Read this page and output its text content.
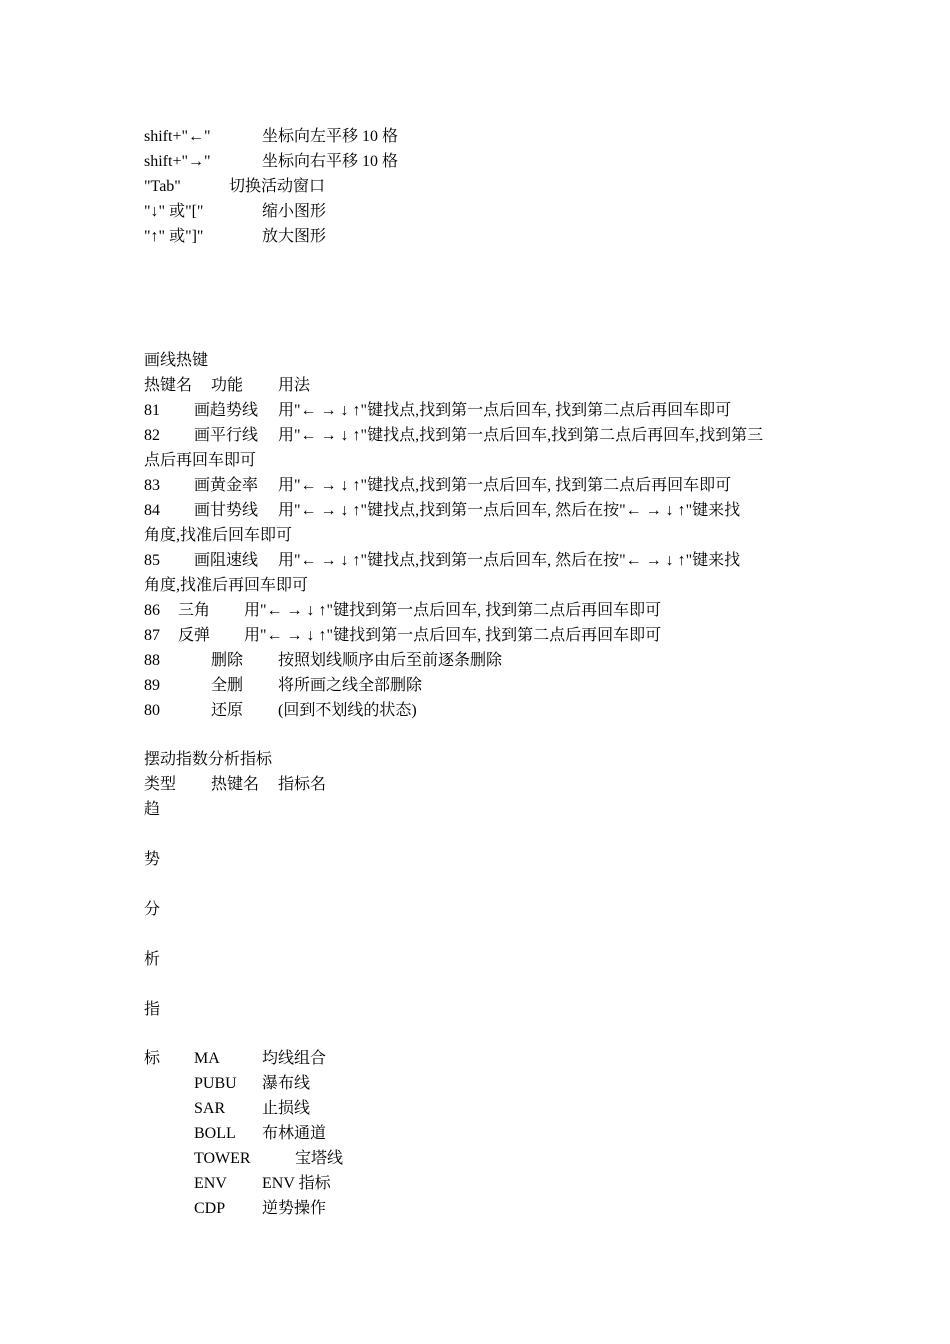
shift+"←"	坐标向左平移 10 格
shift+"→"	坐标向右平移 10 格
"Tab"	切换活动窗口
"↓" 或"["	缩小图形
"↑" 或"]"	放大图形
画线热键
热键名 功能 用法
81 画趋势线 用"← → ↓ ↑"键找点,找到第一点后回车, 找到第二点后再回车即可
82 画平行线 用"← → ↓ ↑"键找点,找到第一点后回车,找到第二点后再回车,找到第三
点后再回车即可
83 画黄金率 用"← → ↓ ↑"键找点,找到第一点后回车, 找到第二点后再回车即可
84 画甘势线 用"← → ↓ ↑"键找点,找到第一点后回车, 然后在按"← → ↓ ↑"键来找
角度,找准后回车即可
85 画阻速线 用"← → ↓ ↑"键找点,找到第一点后回车, 然后在按"← → ↓ ↑"键来找
角度,找准后再回车即可
86 三角 用"← → ↓ ↑"键找到第一点后回车, 找到第二点后再回车即可
87 反弹 用"← → ↓ ↑"键找到第一点后回车, 找到第二点后再回车即可
88	删除 按照划线顺序由后至前逐条删除
89	全删 将所画之线全部删除
80	还原 (回到不划线的状态)
摆动指数分析指标
类型 热键名 指标名
趋
势
分
析
指
标 MA	均线组合
PUBU 瀑布线
SAR 止损线
BOLL 布林通道
TOWER	宝塔线
ENV ENV 指标
CDP 逆势操作
